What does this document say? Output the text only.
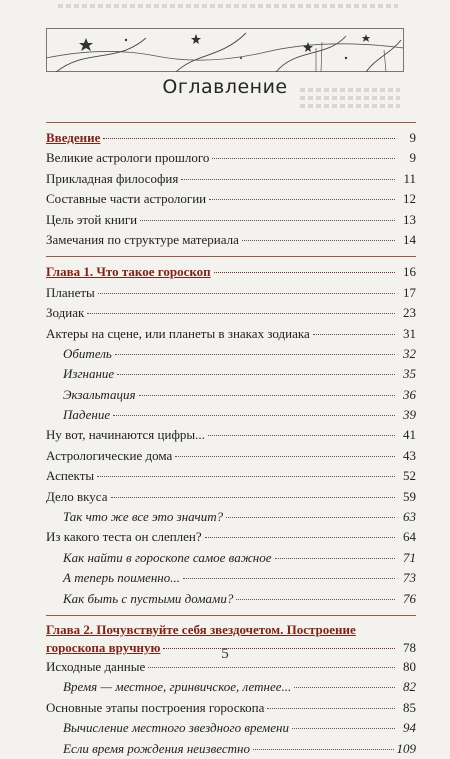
Оглавление
Введение	9
Великие астрологи прошлого	9
Прикладная философия	11
Составные части астрологии	12
Цель этой книги	13
Замечания по структуре материала	14
Глава 1. Что такое гороскоп	16
Планеты	17
Зодиак	23
Актеры на сцене, или планеты в знаках зодиака	31
Обитель	32
Изгнание	35
Экзальтация	36
Падение	39
Ну вот, начинаются цифры...	41
Астрологические дома	43
Аспекты	52
Дело вкуса	59
Так что же все это значит?	63
Из какого теста он слеплен?	64
Как найти в гороскопе самое важное	71
А теперь поименно...	73
Как быть с пустыми домами?	76
Глава 2. Почувствуйте себя звездочетом. Построение
гороскопа вручную	78
Исходные данные	80
Время — местное, гринвичское, летнее...	82
Основные этапы построения гороскопа	85
Вычисление местного звездного времени	94
Если время рождения неизвестно	109
5
